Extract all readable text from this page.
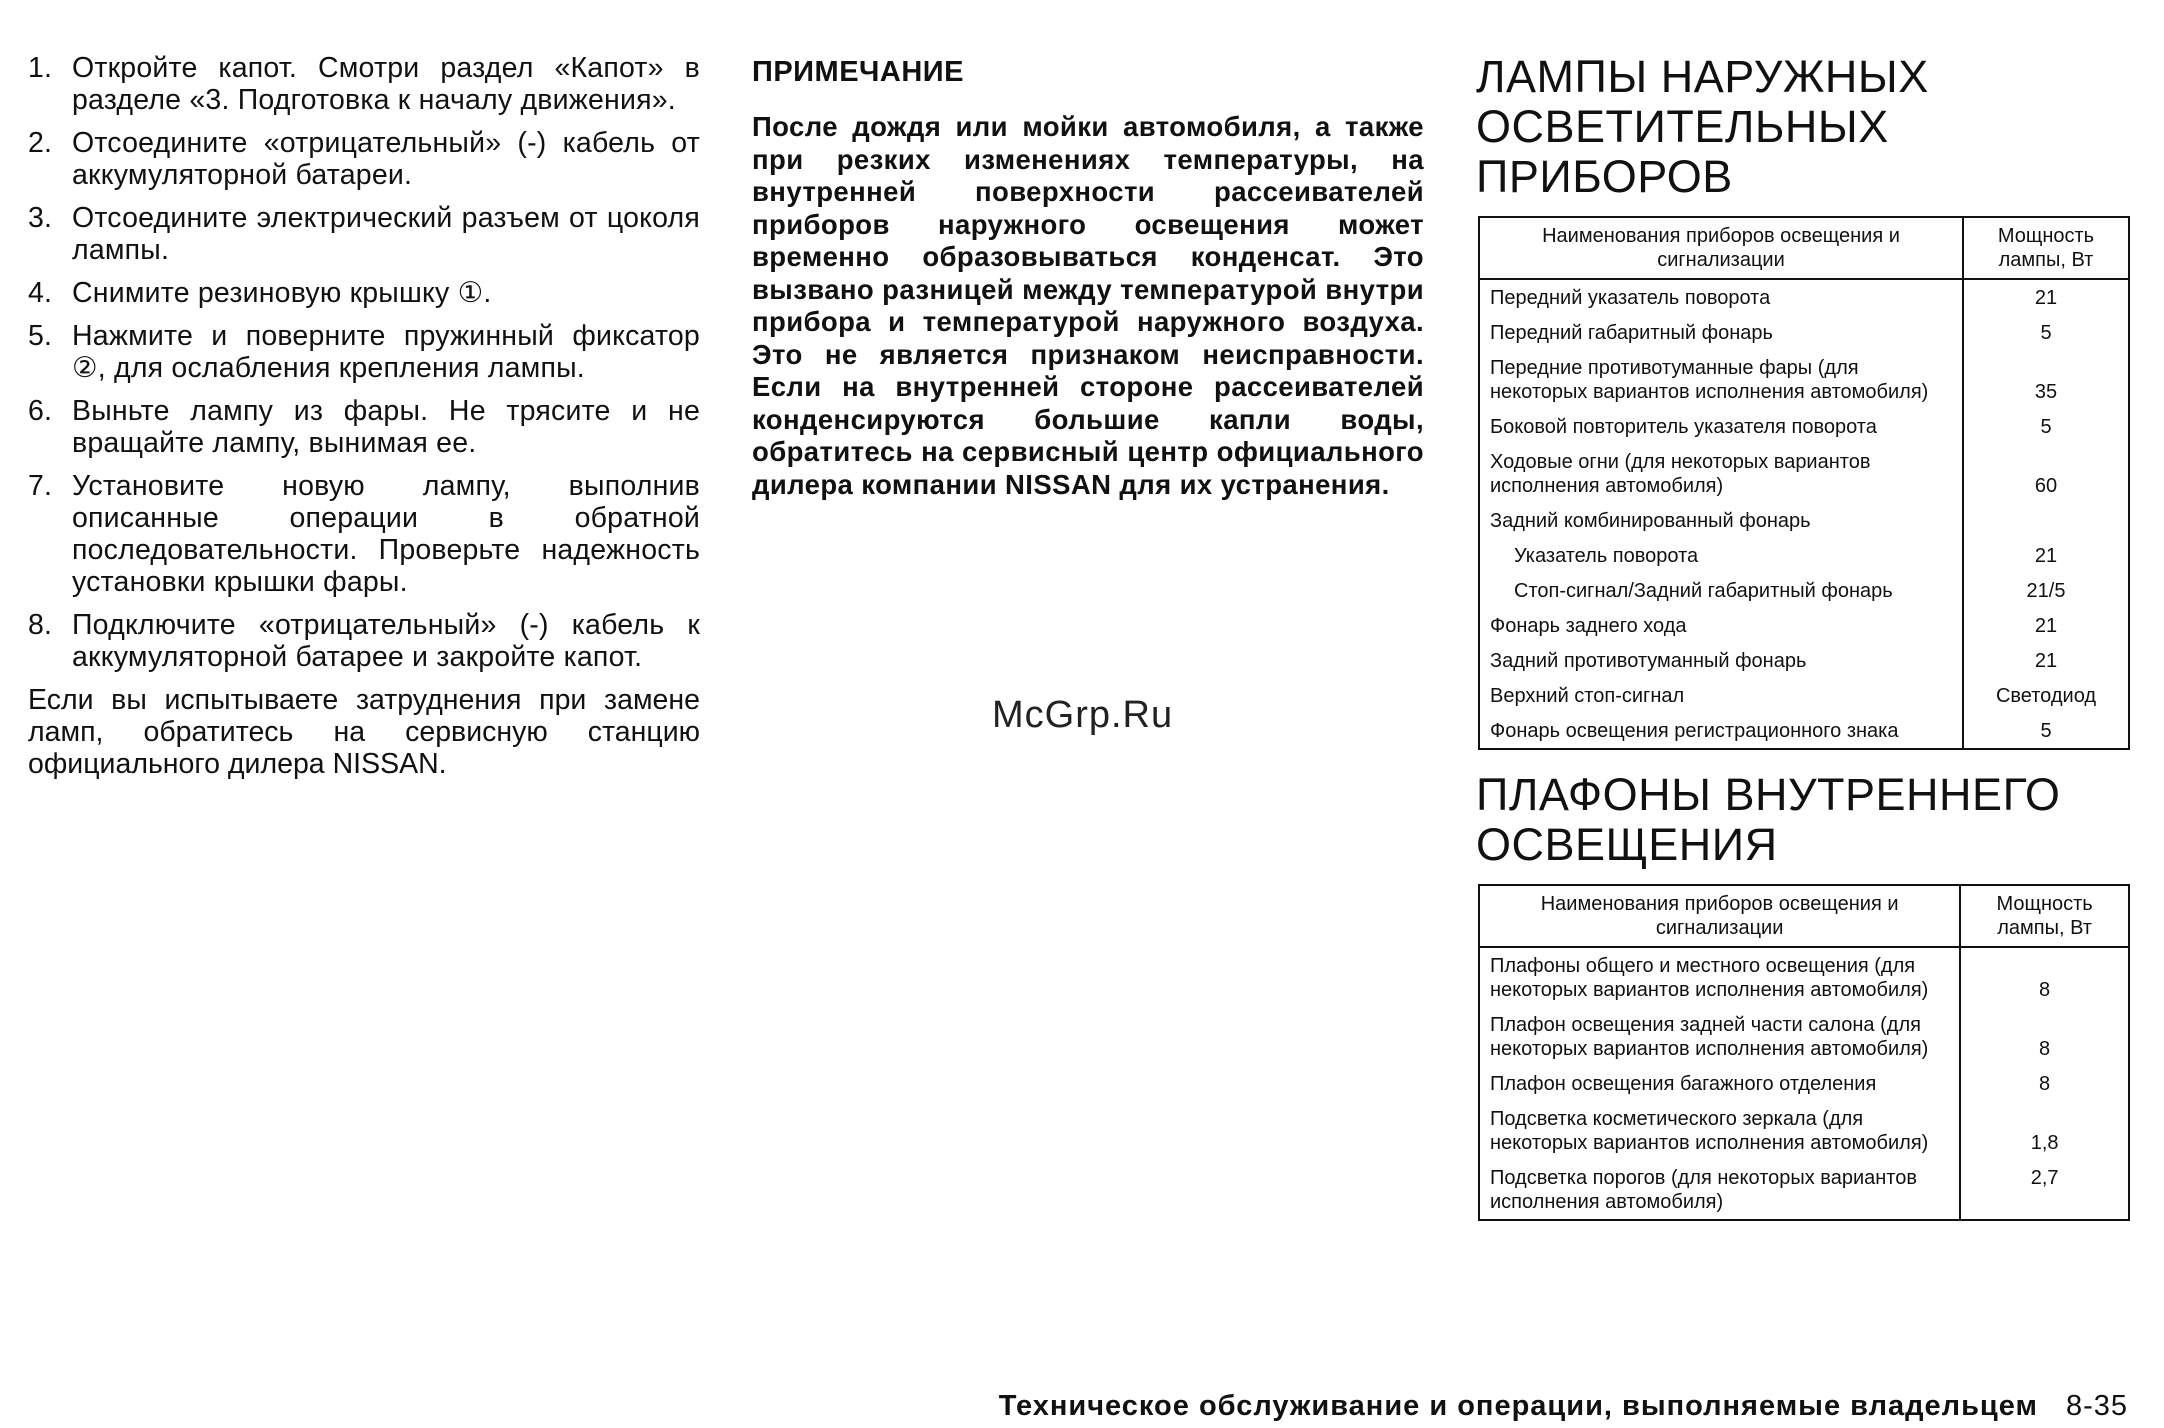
1. Откройте капот. Смотри раздел «Капот» в разделе «3. Подготовка к началу движения».
2. Отсоедините «отрицательный» (-) кабель от аккумуляторной батареи.
3. Отсоедините электрический разъем от цоколя лампы.
4. Снимите резиновую крышку ①.
5. Нажмите и поверните пружинный фиксатор ②, для ослабления крепления лампы.
6. Выньте лампу из фары. Не трясите и не вращайте лампу, вынимая ее.
7. Установите новую лампу, выполнив описанные операции в обратной последовательности. Проверьте надежность установки крышки фары.
8. Подключите «отрицательный» (-) кабель к аккумуляторной батарее и закройте капот.

Если вы испытываете затруднения при замене ламп, обратитесь на сервисную станцию официального дилера NISSAN.

ПРИМЕЧАНИЕ

После дождя или мойки автомобиля, а также при резких изменениях температуры, на внутренней поверхности рассеивателей приборов наружного освещения может временно образовываться конденсат. Это вызвано разницей между температурой внутри прибора и температурой наружного воздуха. Это не является признаком неисправности. Если на внутренней стороне рассеивателей конденсируются большие капли воды, обратитесь на сервисный центр официального дилера компании NISSAN для их устранения.

ЛАМПЫ НАРУЖНЫХ ОСВЕТИТЕЛЬНЫХ ПРИБОРОВ
Наименования приборов освещения и сигнализации	Мощность лампы, Вт
Передний указатель поворота	21
Передний габаритный фонарь	5
Передние противотуманные фары (для некоторых вариантов исполнения автомобиля)	35
Боковой повторитель указателя поворота	5
Ходовые огни (для некоторых вариантов исполнения автомобиля)	60
Задний комбинированный фонарь	
Указатель поворота	21
Стоп-сигнал/Задний габаритный фонарь	21/5
Фонарь заднего хода	21
Задний противотуманный фонарь	21
Верхний стоп-сигнал	Светодиод
Фонарь освещения регистрационного знака	5
ПЛАФОНЫ ВНУТРЕННЕГО ОСВЕЩЕНИЯ
Наименования приборов освещения и сигнализации	Мощность лампы, Вт
Плафоны общего и местного освещения (для некоторых вариантов исполнения автомобиля)	8
Плафон освещения задней части салона (для некоторых вариантов исполнения автомобиля)	8
Плафон освещения багажного отделения	8
Подсветка косметического зеркала (для некоторых вариантов исполнения автомобиля)	1,8
Подсветка порогов (для некоторых вариантов исполнения автомобиля)	2,7
McGrp.Ru
Техническое обслуживание и операции, выполняемые владельцем 8-35
